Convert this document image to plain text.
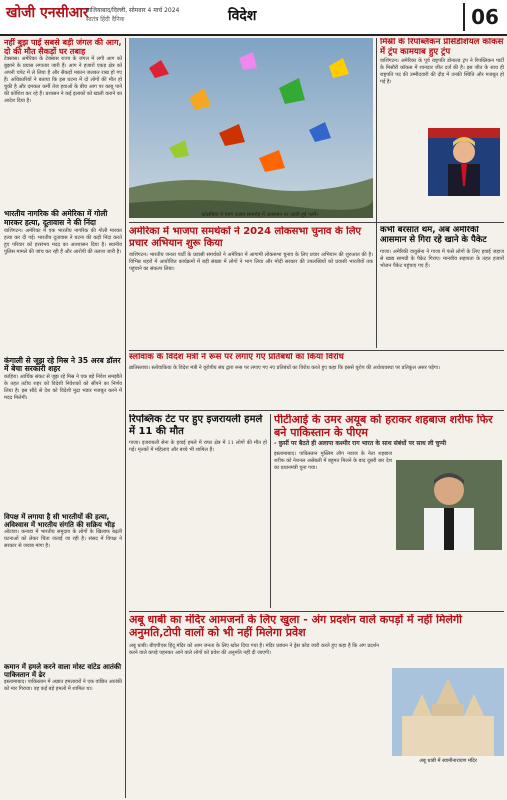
खोजी एनसीआर
गाजियाबाद/दिल्ली, सोमवार 4 मार्च 2024
स्वतंत्र हिंदी दैनिक	विदेश	06
नहीं बुझ पाई सबसे बड़ी जंगल की आग, दो की मौत सैकड़ों घर तबाह
टेक्सास। अमेरिका के टेक्सास राज्य के जंगल में लगी आग को बुझाने के प्रयास लगातार जारी हैं। आग ने हजारों एकड़ क्षेत्र को अपनी चपेट में ले लिया है और सैकड़ों मकान जलकर राख हो गए हैं। अधिकारियों ने बताया कि इस घटना में दो लोगों की मौत हो चुकी है और दमकल कर्मी तेज हवाओं के बीच आग पर काबू पाने की कोशिश कर रहे हैं। प्रशासन ने कई इलाकों को खाली कराने का आदेश दिया है।
भारतीय नागरिक की अमेरिका में गोली मारकर हत्या, दूतावास ने की निंदा
वाशिंगटन। अमेरिका में एक भारतीय नागरिक की गोली मारकर हत्या कर दी गई। भारतीय दूतावास ने घटना की कड़ी निंदा करते हुए परिवार को हरसंभव मदद का आश्वासन दिया है। स्थानीय पुलिस मामले की जांच कर रही है और आरोपी की तलाश जारी है।
कंगाली से जूझ रहे मिस्र ने 35 अरब डॉलर में बेचा सरकारी शहर
काहिरा। आर्थिक संकट से जूझ रहे मिस्र ने एक बड़े निवेश समझौते के तहत तटीय शहर को विदेशी निवेशकों को सौंपने का निर्णय लिया है। इस सौदे से देश को विदेशी मुद्रा भंडार मजबूत करने में मदद मिलेगी।
विपक्ष में लगाया है सी भारतीयों की हत्या, अविश्वास में भारतीय संगति की सक्रिय भीड़
ओटावा। कनाडा में भारतीय समुदाय के लोगों के खिलाफ बढ़ती घटनाओं को लेकर चिंता जताई जा रही है। संसद में विपक्ष ने सरकार से जवाब मांगा है।
कमान में हमले करने वाला मोस्ट वांटेड आतंकी पाकिस्तान में ढेर
इस्लामाबाद। पाकिस्तान में अज्ञात हमलावरों ने एक वांछित आतंकी को मार गिराया। वह कई बड़े हमलों में शामिल था।
कोलंबिया में पतंग उत्सव समारोह में आसमान पर उड़ती हुई पतंगें।
मिस्री के रिपब्लिकन प्रेसिडेंशियल कॉकस में ट्रंप कामयाब हुए ट्रंप
वाशिंगटन। अमेरिका के पूर्व राष्ट्रपति डोनाल्ड ट्रंप ने रिपब्लिकन पार्टी के मिसौरी कॉकस में शानदार जीत दर्ज की है। इस जीत के साथ ही राष्ट्रपति पद की उम्मीदवारी की दौड़ में उनकी स्थिति और मजबूत हो गई है।
अमेरिका में भाजपा समर्थकों ने 2024 लोकसभा चुनाव के लिए प्रचार अभियान शुरू किया
वाशिंगटन। भारतीय जनता पार्टी के प्रवासी समर्थकों ने अमेरिका में आगामी लोकसभा चुनाव के लिए प्रचार अभियान की शुरुआत की है। विभिन्न शहरों में आयोजित कार्यक्रमों में बड़ी संख्या में लोगों ने भाग लिया और मोदी सरकार की उपलब्धियों को प्रवासी भारतीयों तक पहुंचाने का संकल्प लिया।
कभी बरसात थम, अब अमेरिकी आसमान से गिरा रहे खाने के पैकेट
गाजा। अमेरिकी वायुसेना ने गाजा में फंसे लोगों के लिए हवाई जहाज से खाद्य सामग्री के पैकेट गिराए। मानवीय सहायता के तहत हजारों भोजन पैकेट पहुंचाए गए हैं।
स्लोवाक के विदेश मंत्री ने रूस पर लगाए गए प्रतिबंधों का किया विरोध
ब्रातिस्लावा। स्लोवाकिया के विदेश मंत्री ने यूरोपीय संघ द्वारा रूस पर लगाए गए नए प्रतिबंधों का विरोध करते हुए कहा कि इससे यूरोप की अर्थव्यवस्था पर प्रतिकूल असर पड़ेगा।
रिपब्लिक टेट पर हुए इजरायली हमले में 11 की मौत
गाजा। इजरायली सेना के हवाई हमले में राफा क्षेत्र में 11 लोगों की मौत हो गई। मृतकों में महिलाएं और बच्चे भी शामिल हैं।
पीटीआई के उमर अयूब को हराकर शहबाज शरीफ फिर बने पाकिस्तान के पीएम
- कुर्सी पर बैठते ही अलापा कश्मीर राग भारत के साथ संबंधों पर साध ली चुप्पी
इस्लामाबाद। पाकिस्तान मुस्लिम लीग नवाज के नेता शहबाज शरीफ को नेशनल असेंबली में बहुमत मिलने के बाद दूसरी बार देश का प्रधानमंत्री चुना गया।
अबू धाबी का मंदिर आमजनों के लिए खुला - अंग प्रदर्शन वाले कपड़ों में नहीं मिलेगी अनुमति,टोपी वालों को भी नहीं मिलेगा प्रवेश
अबू धाबी। बीएपीएस हिंदू मंदिर को आम जनता के लिए खोल दिया गया है। मंदिर प्रबंधन ने ड्रेस कोड जारी करते हुए कहा है कि अंग प्रदर्शन करने वाले कपड़े पहनकर आने वाले लोगों को प्रवेश की अनुमति नहीं दी जाएगी।
अबू धाबी में स्वामीनारायण मंदिर
